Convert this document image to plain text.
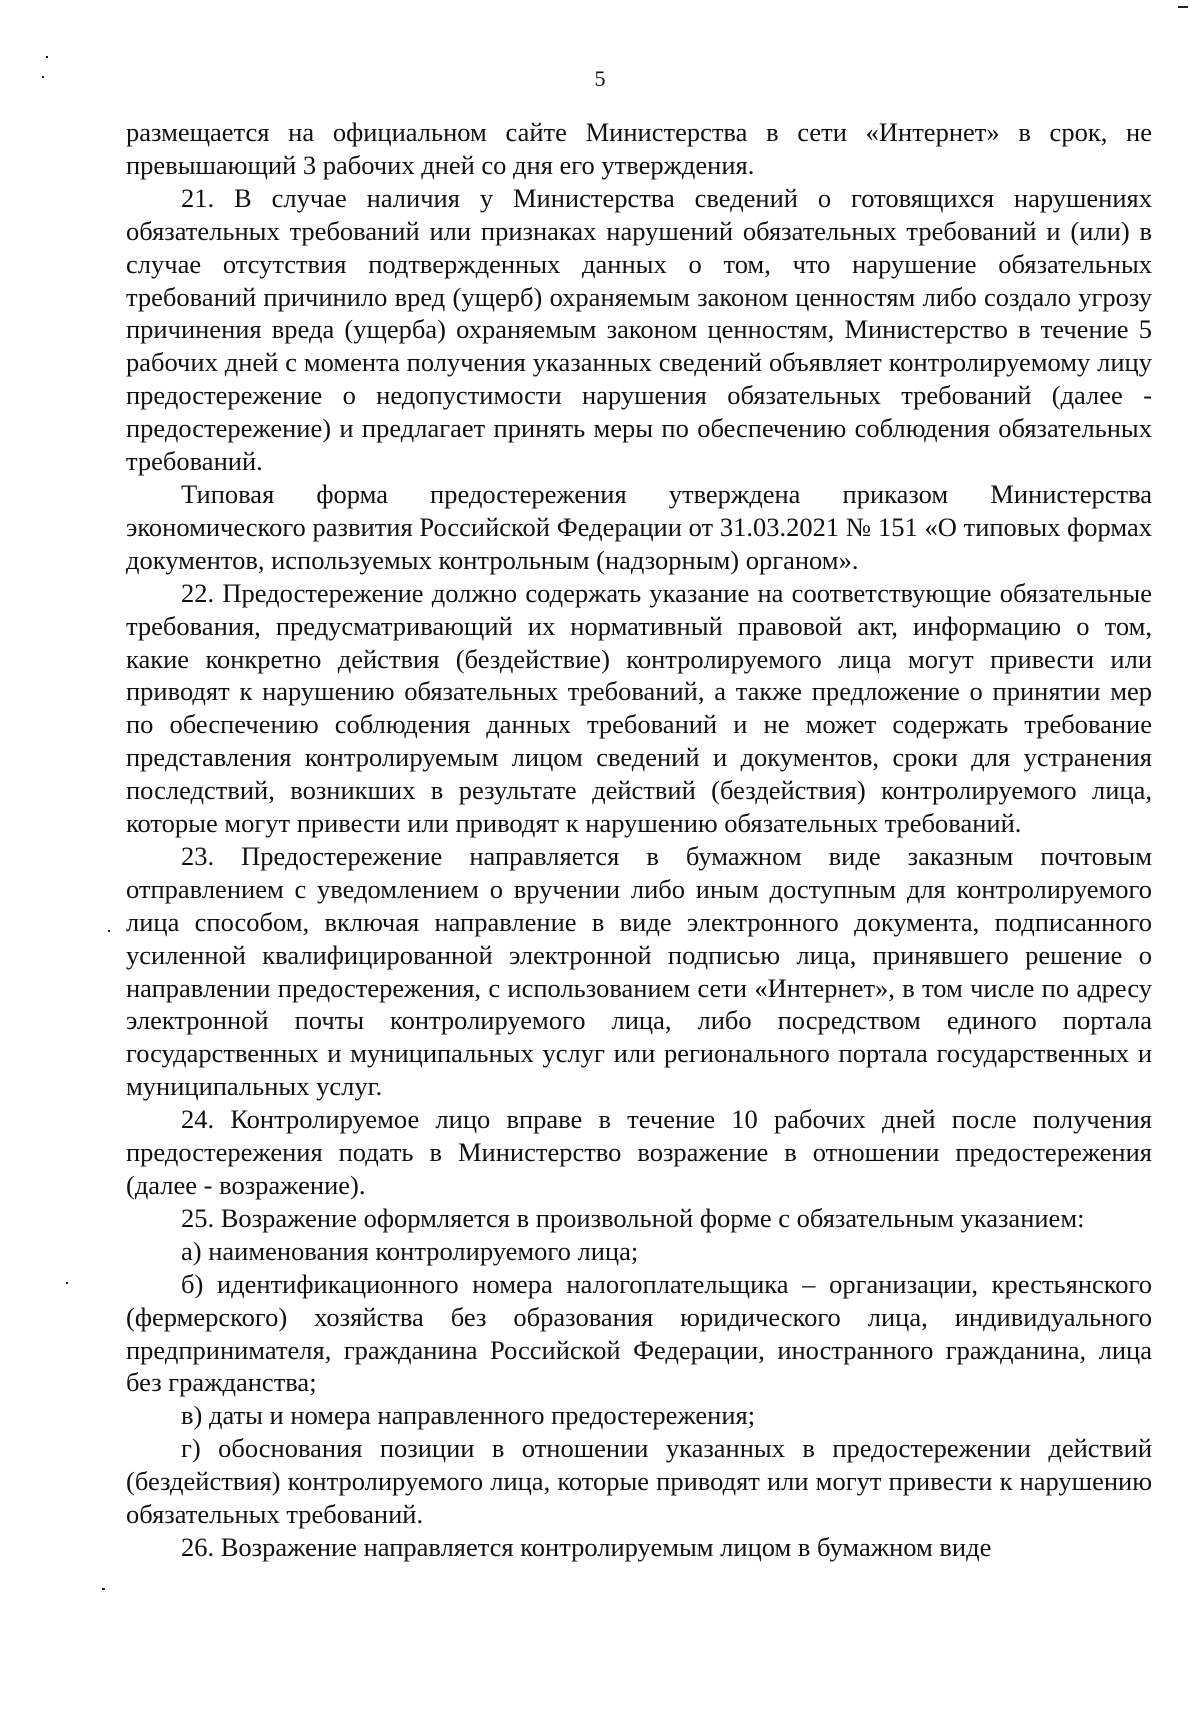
5

размещается на официальном сайте Министерства в сети «Интернет» в срок, не превышающий 3 рабочих дней со дня его утверждения.

21. В случае наличия у Министерства сведений о готовящихся нарушениях обязательных требований или признаках нарушений обязательных требований и (или) в случае отсутствия подтвержденных данных о том, что нарушение обязательных требований причинило вред (ущерб) охраняемым законом ценностям либо создало угрозу причинения вреда (ущерба) охраняемым законом ценностям, Министерство в течение 5 рабочих дней с момента получения указанных сведений объявляет контролируемому лицу предостережение о недопустимости нарушения обязательных требований (далее - предостережение) и предлагает принять меры по обеспечению соблюдения обязательных требований.

Типовая форма предостережения утверждена приказом Министерства экономического развития Российской Федерации от 31.03.2021 № 151 «О типовых формах документов, используемых контрольным (надзорным) органом».

22. Предостережение должно содержать указание на соответствующие обязательные требования, предусматривающий их нормативный правовой акт, информацию о том, какие конкретно действия (бездействие) контролируемого лица могут привести или приводят к нарушению обязательных требований, а также предложение о принятии мер по обеспечению соблюдения данных требований и не может содержать требование представления контролируемым лицом сведений и документов, сроки для устранения последствий, возникших в результате действий (бездействия) контролируемого лица, которые могут привести или приводят к нарушению обязательных требований.

23. Предостережение направляется в бумажном виде заказным почтовым отправлением с уведомлением о вручении либо иным доступным для контролируемого лица способом, включая направление в виде электронного документа, подписанного усиленной квалифицированной электронной подписью лица, принявшего решение о направлении предостережения, с использованием сети «Интернет», в том числе по адресу электронной почты контролируемого лица, либо посредством единого портала государственных и муниципальных услуг или регионального портала государственных и муниципальных услуг.

24. Контролируемое лицо вправе в течение 10 рабочих дней после получения предостережения подать в Министерство возражение в отношении предостережения (далее - возражение).

25. Возражение оформляется в произвольной форме с обязательным указанием:

а) наименования контролируемого лица;

б) идентификационного номера налогоплательщика – организации, крестьянского (фермерского) хозяйства без образования юридического лица, индивидуального предпринимателя, гражданина Российской Федерации, иностранного гражданина, лица без гражданства;

в) даты и номера направленного предостережения;

г) обоснования позиции в отношении указанных в предостережении действий (бездействия) контролируемого лица, которые приводят или могут привести к нарушению обязательных требований.

26. Возражение направляется контролируемым лицом в бумажном виде
